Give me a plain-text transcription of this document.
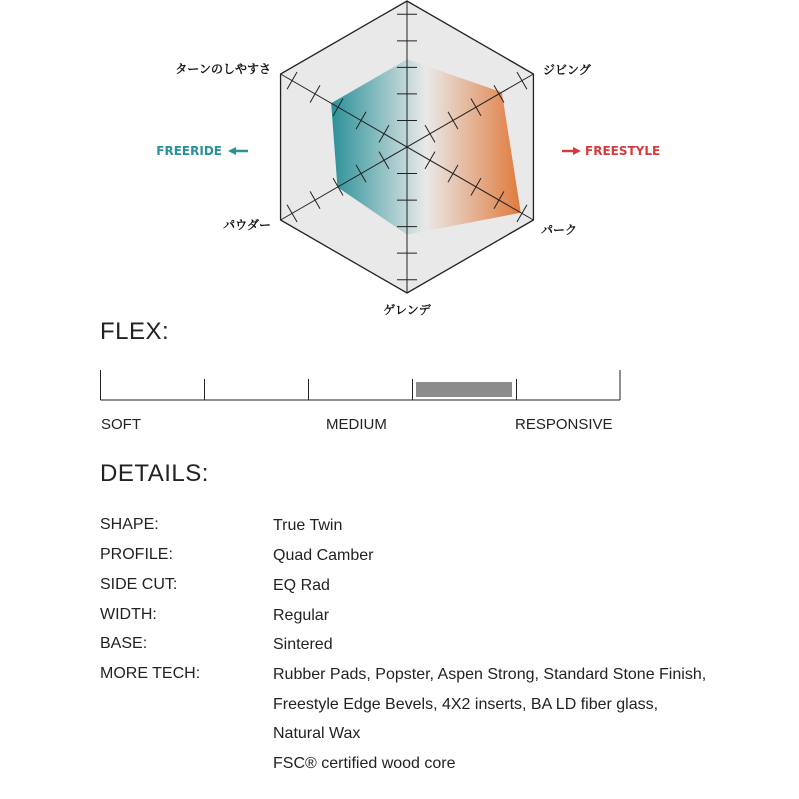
ジビング
パーク
ゲレンデ
パウダー
ターンのしやすさ
FREERIDE	FREESTYLE
FLEX:
SOFT	MEDIUM	RESPONSIVE
DETAILS:
SHAPE:	True Twin
PROFILE:	Quad Camber
SIDE CUT:	EQ Rad
WIDTH:	Regular
BASE:	Sintered
MORE TECH:	Rubber Pads, Popster, Aspen Strong, Standard Stone Finish, Freestyle Edge Bevels, 4X2 inserts, BA LD fiber glass, Natural Wax
FSC® certified wood core
